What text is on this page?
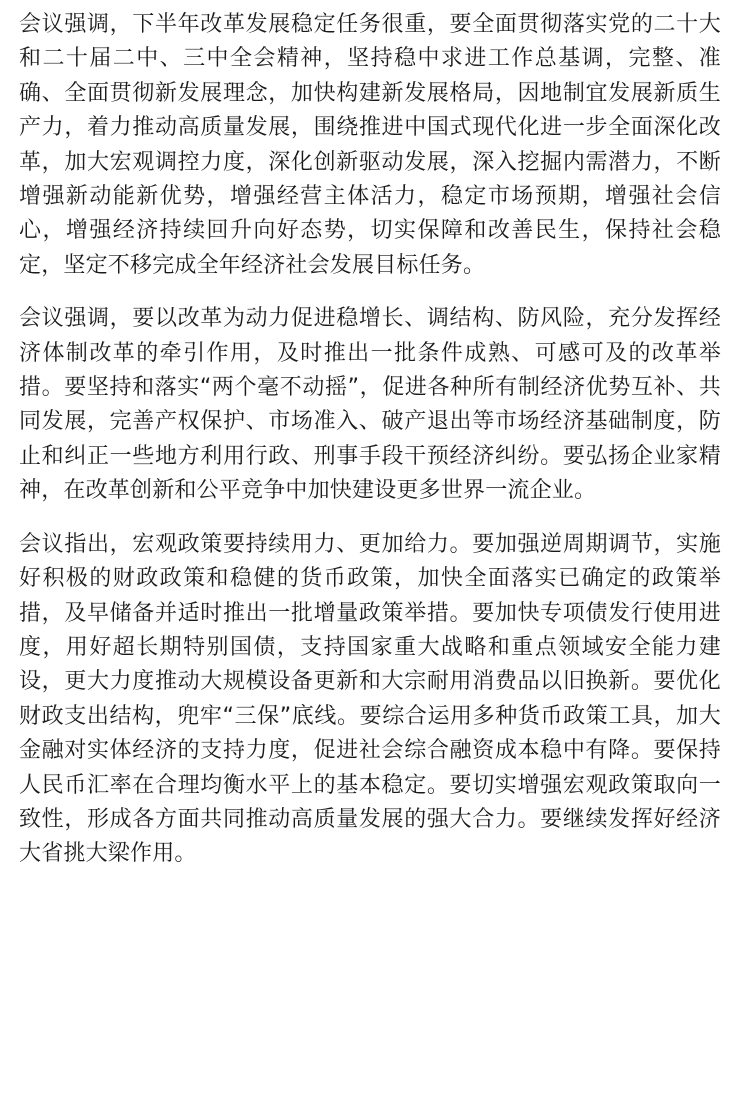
会议强调，下半年改革发展稳定任务很重，要全面贯彻落实党的二十大和二十届二中、三中全会精神，坚持稳中求进工作总基调，完整、准确、全面贯彻新发展理念，加快构建新发展格局，因地制宜发展新质生产力，着力推动高质量发展，围绕推进中国式现代化进一步全面深化改革，加大宏观调控力度，深化创新驱动发展，深入挖掘内需潜力，不断增强新动能新优势，增强经营主体活力，稳定市场预期，增强社会信心，增强经济持续回升向好态势，切实保障和改善民生，保持社会稳定，坚定不移完成全年经济社会发展目标任务。

会议强调，要以改革为动力促进稳增长、调结构、防风险，充分发挥经济体制改革的牵引作用，及时推出一批条件成熟、可感可及的改革举措。要坚持和落实“两个毫不动摇”，促进各种所有制经济优势互补、共同发展，完善产权保护、市场准入、破产退出等市场经济基础制度，防止和纠正一些地方利用行政、刑事手段干预经济纠纷。要弘扬企业家精神，在改革创新和公平竞争中加快建设更多世界一流企业。

会议指出，宏观政策要持续用力、更加给力。要加强逆周期调节，实施好积极的财政政策和稳健的货币政策，加快全面落实已确定的政策举措，及早储备并适时推出一批增量政策举措。要加快专项债发行使用进度，用好超长期特别国债，支持国家重大战略和重点领域安全能力建设，更大力度推动大规模设备更新和大宗耐用消费品以旧换新。要优化财政支出结构，兜牢“三保”底线。要综合运用多种货币政策工具，加大金融对实体经济的支持力度，促进社会综合融资成本稳中有降。要保持人民币汇率在合理均衡水平上的基本稳定。要切实增强宏观政策取向一致性，形成各方面共同推动高质量发展的强大合力。要继续发挥好经济大省挑大梁作用。
